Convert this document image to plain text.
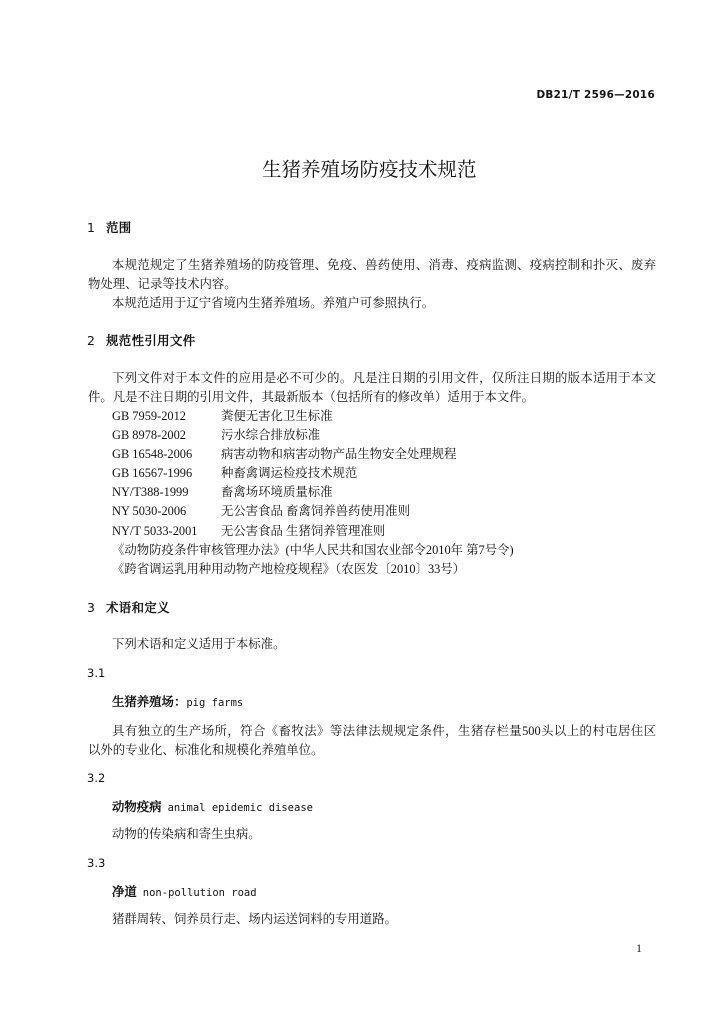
DB21/T 2596—2016
生猪养殖场防疫技术规范
1 范围
本规范规定了生猪养殖场的防疫管理、免疫、兽药使用、消毒、疫病监测、疫病控制和扑灭、废弃
物处理、记录等技术内容。
本规范适用于辽宁省境内生猪养殖场。养殖户可参照执行。
2 规范性引用文件
下列文件对于本文件的应用是必不可少的。凡是注日期的引用文件，仅所注日期的版本适用于本文
件。凡是不注日期的引用文件，其最新版本（包括所有的修改单）适用于本文件。
GB 7959-2012	粪便无害化卫生标准
GB 8978-2002	污水综合排放标准
GB 16548-2006	病害动物和病害动物产品生物安全处理规程
GB 16567-1996	种畜禽调运检疫技术规范
NY/T388-1999	畜禽场环境质量标准
NY 5030-2006	无公害食品 畜禽饲养兽药使用准则
NY/T 5033-2001	无公害食品 生猪饲养管理准则
《动物防疫条件审核管理办法》(中华人民共和国农业部令2010年 第7号令)
《跨省调运乳用种用动物产地检疫规程》（农医发〔2010〕33号）
3 术语和定义
下列术语和定义适用于本标准。
3.1
生猪养殖场：pig farms
具有独立的生产场所，符合《畜牧法》等法律法规规定条件，生猪存栏量500头以上的村屯居住区
以外的专业化、标准化和规模化养殖单位。
3.2
动物疫病 animal epidemic disease
动物的传染病和寄生虫病。
3.3
净道 non-pollution road
猪群周转、饲养员行走、场内运送饲料的专用道路。
1
